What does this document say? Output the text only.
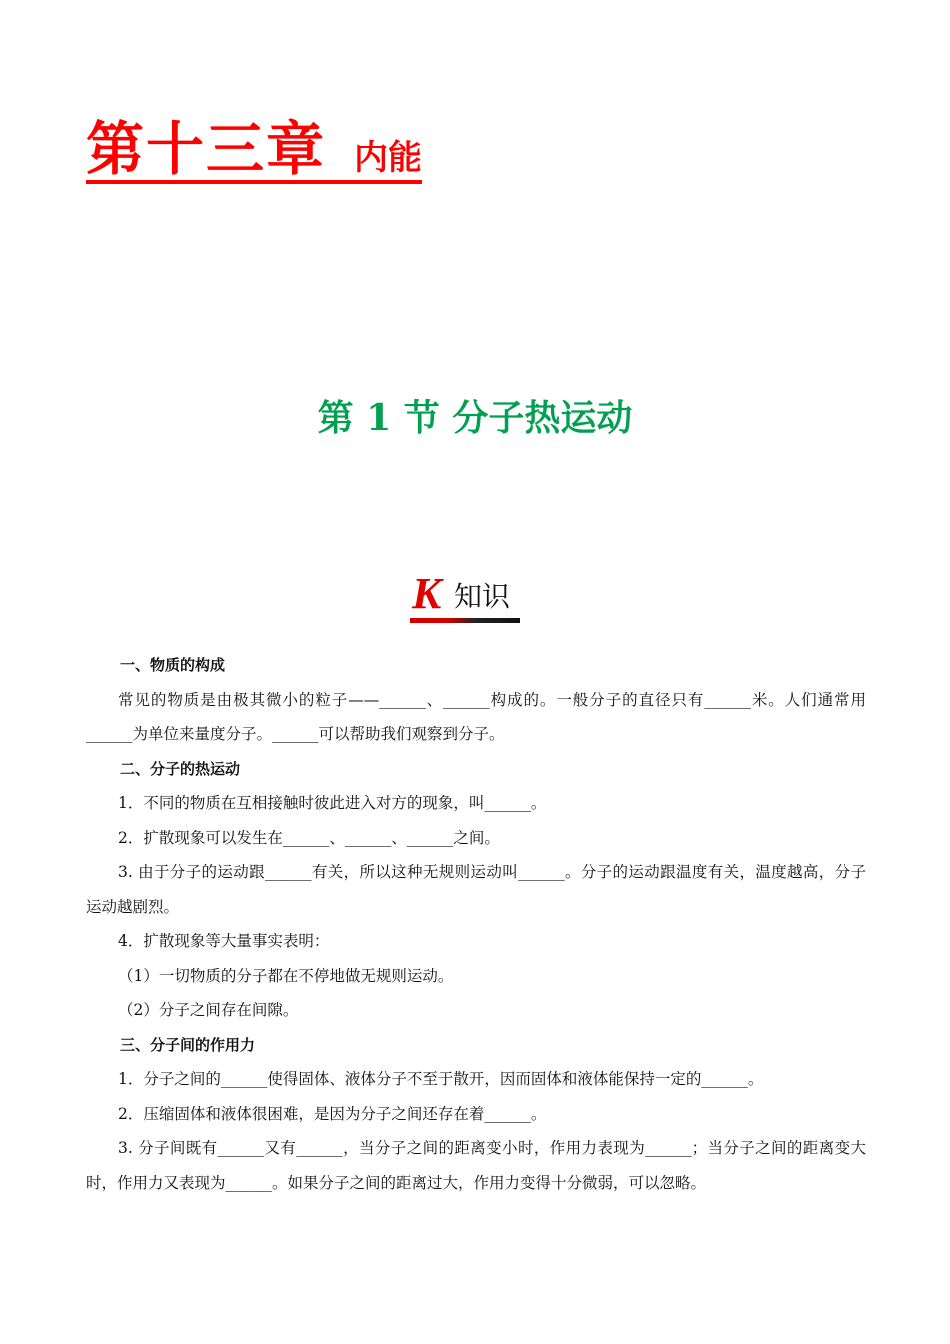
第十三章 内能
第 1 节 分子热运动
K 知识

一、物质的构成

常见的物质是由极其微小的粒子——______、______构成的。一般分子的直径只有______米。人们通常用______为单位来量度分子。______可以帮助我们观察到分子。

二、分子的热运动

1．不同的物质在互相接触时彼此进入对方的现象，叫______。

2．扩散现象可以发生在______、______、______之间。

3. 由于分子的运动跟______有关，所以这种无规则运动叫______。分子的运动跟温度有关，温度越高，分子运动越剧烈。

4．扩散现象等大量事实表明：

（1）一切物质的分子都在不停地做无规则运动。

（2）分子之间存在间隙。

三、分子间的作用力

1．分子之间的______使得固体、液体分子不至于散开，因而固体和液体能保持一定的______。

2．压缩固体和液体很困难，是因为分子之间还存在着______。

3. 分子间既有______又有______，当分子之间的距离变小时，作用力表现为______；当分子之间的距离变大时，作用力又表现为______。如果分子之间的距离过大，作用力变得十分微弱，可以忽略。
